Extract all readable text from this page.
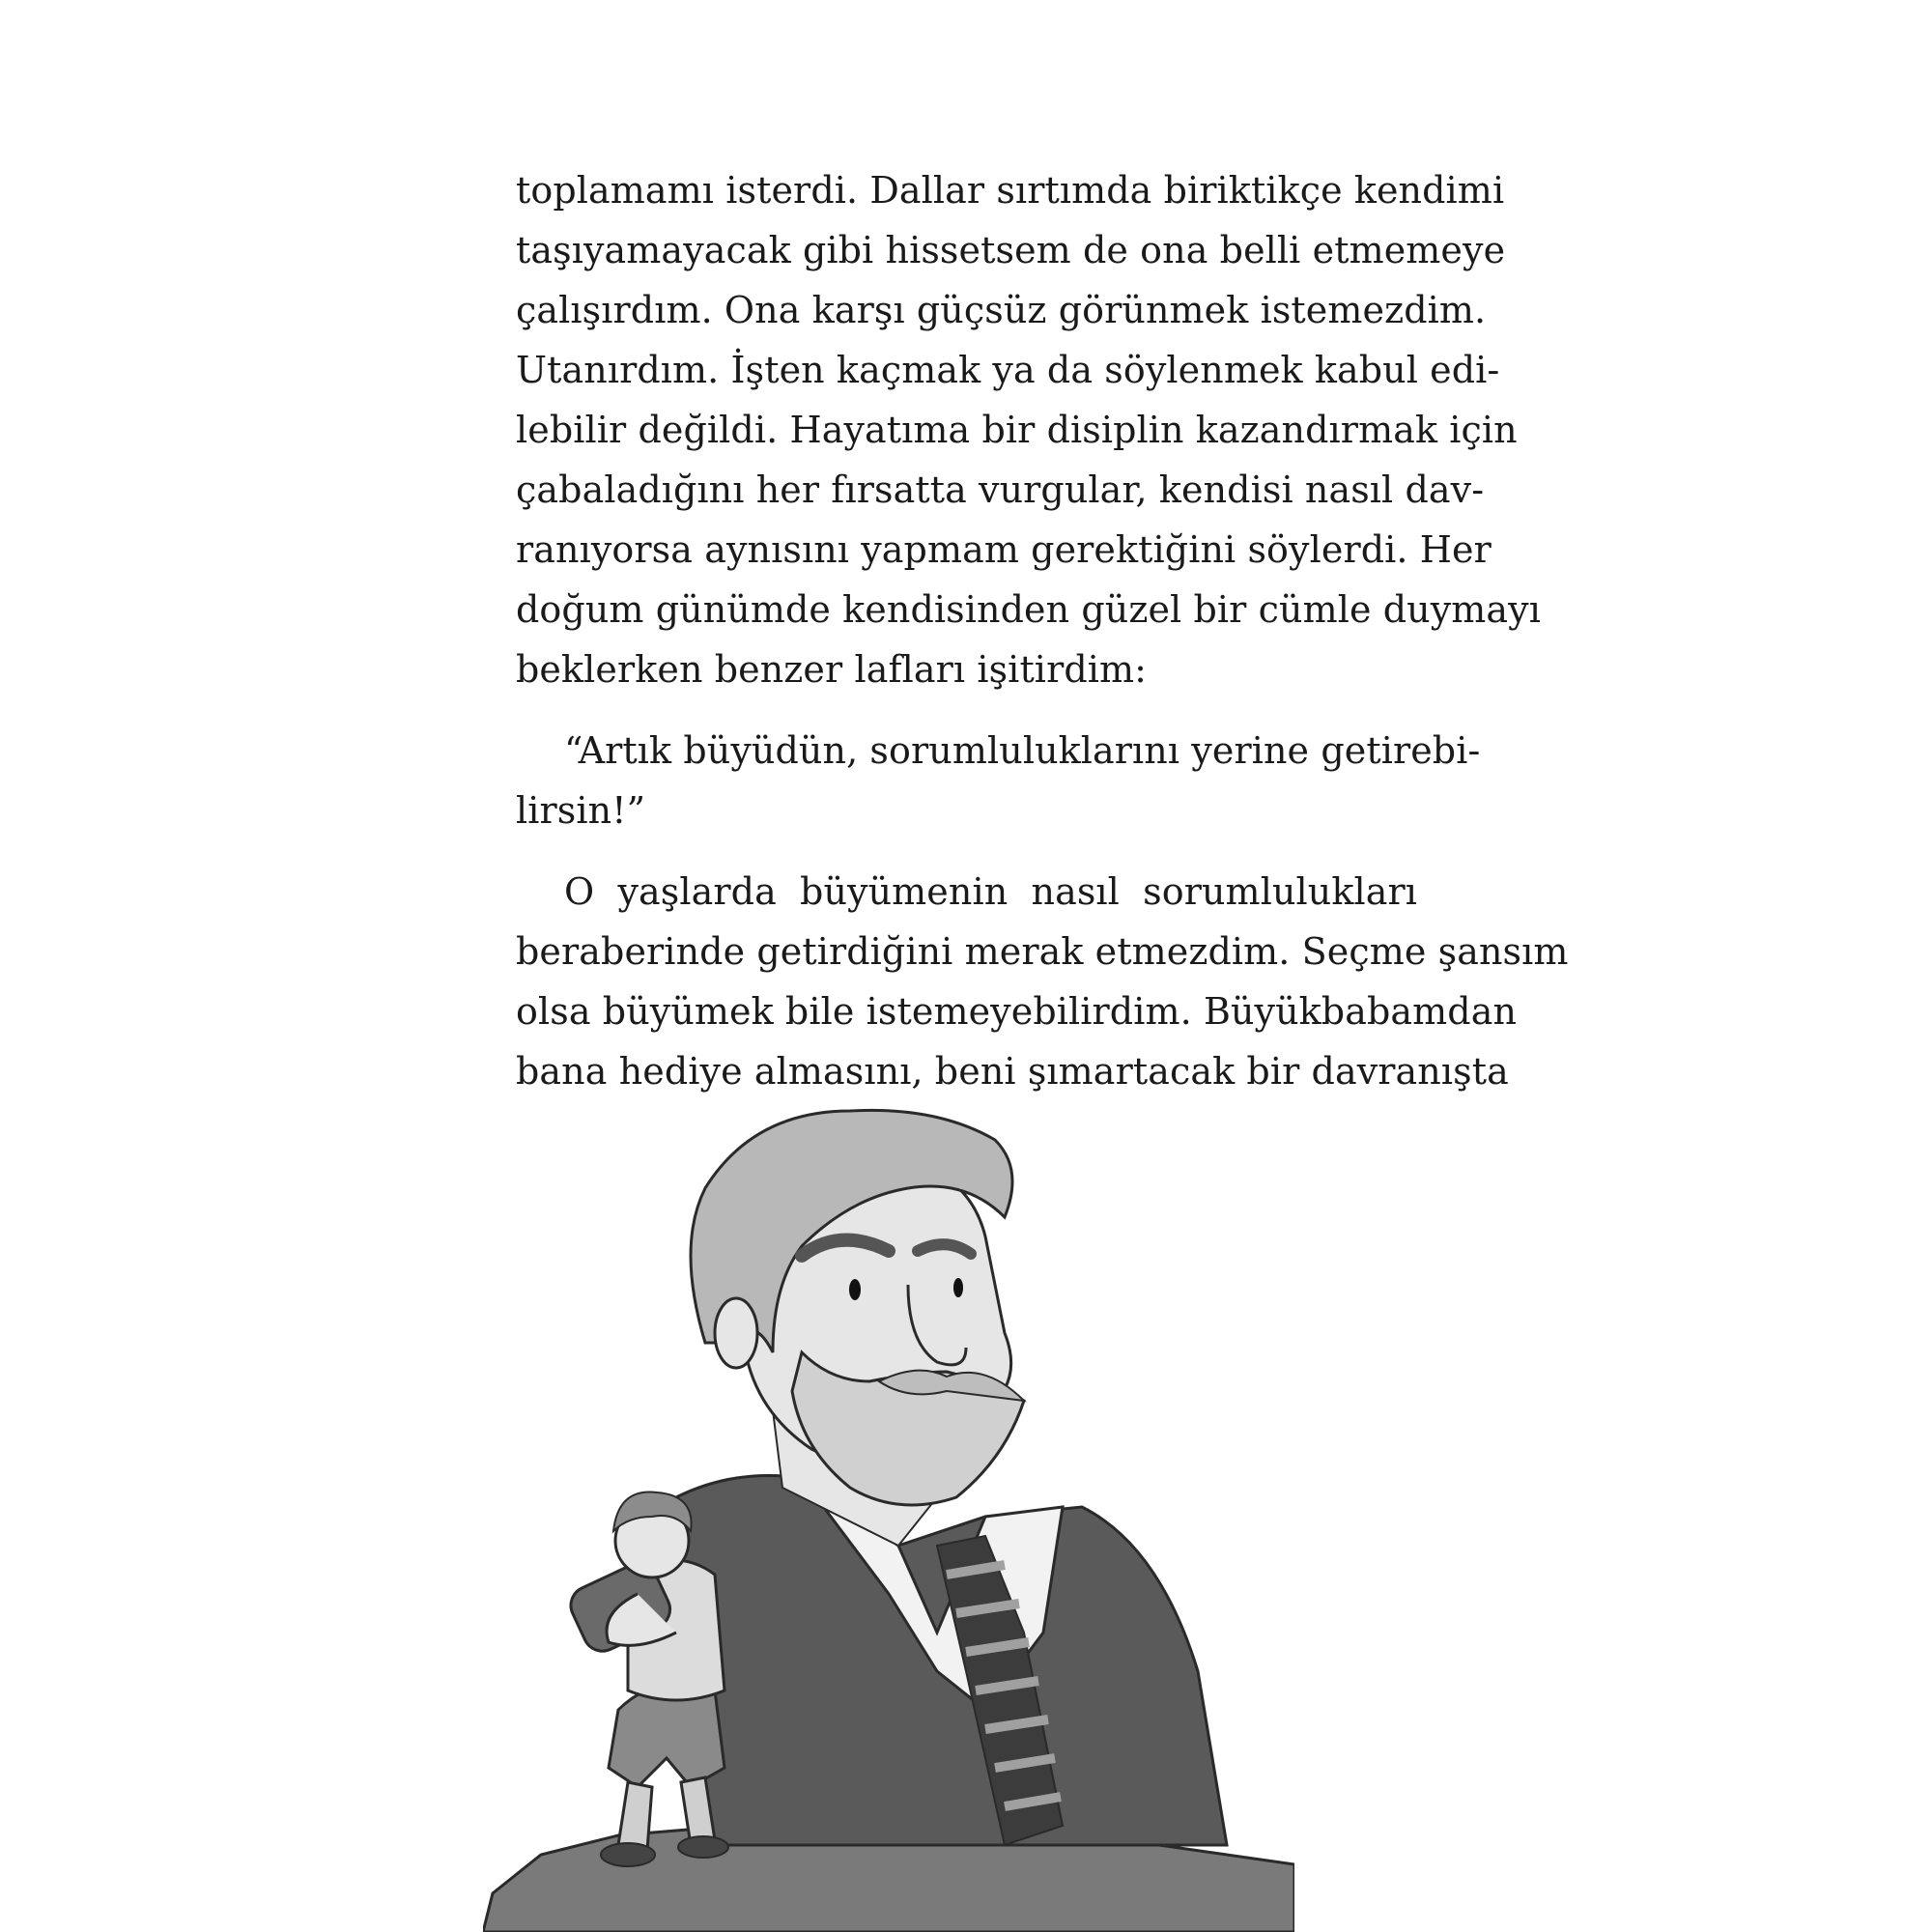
toplamamı isterdi. Dallar sırtımda biriktikçe kendimi
taşıyamayacak gibi hissetsem de ona belli etmemeye
çalışırdım. Ona karşı güçsüz görünmek istemezdim.
Utanırdım. İşten kaçmak ya da söylenmek kabul edi-
lebilir değildi. Hayatıma bir disiplin kazandırmak için
çabaladığını her fırsatta vurgular, kendisi nasıl dav-
ranıyorsa aynısını yapmam gerektiğini söylerdi. Her
doğum günümde kendisinden güzel bir cümle duymayı
beklerken benzer lafları işitirdim:
“Artık büyüdün, sorumluluklarını yerine getirebi-
lirsin!”
O yaşlarda büyümenin nasıl sorumlulukları
beraberinde getirdiğini merak etmezdim. Seçme şansım
olsa büyümek bile istemeyebilirdim. Büyükbabamdan
bana hediye almasını, beni şımartacak bir davranışta
